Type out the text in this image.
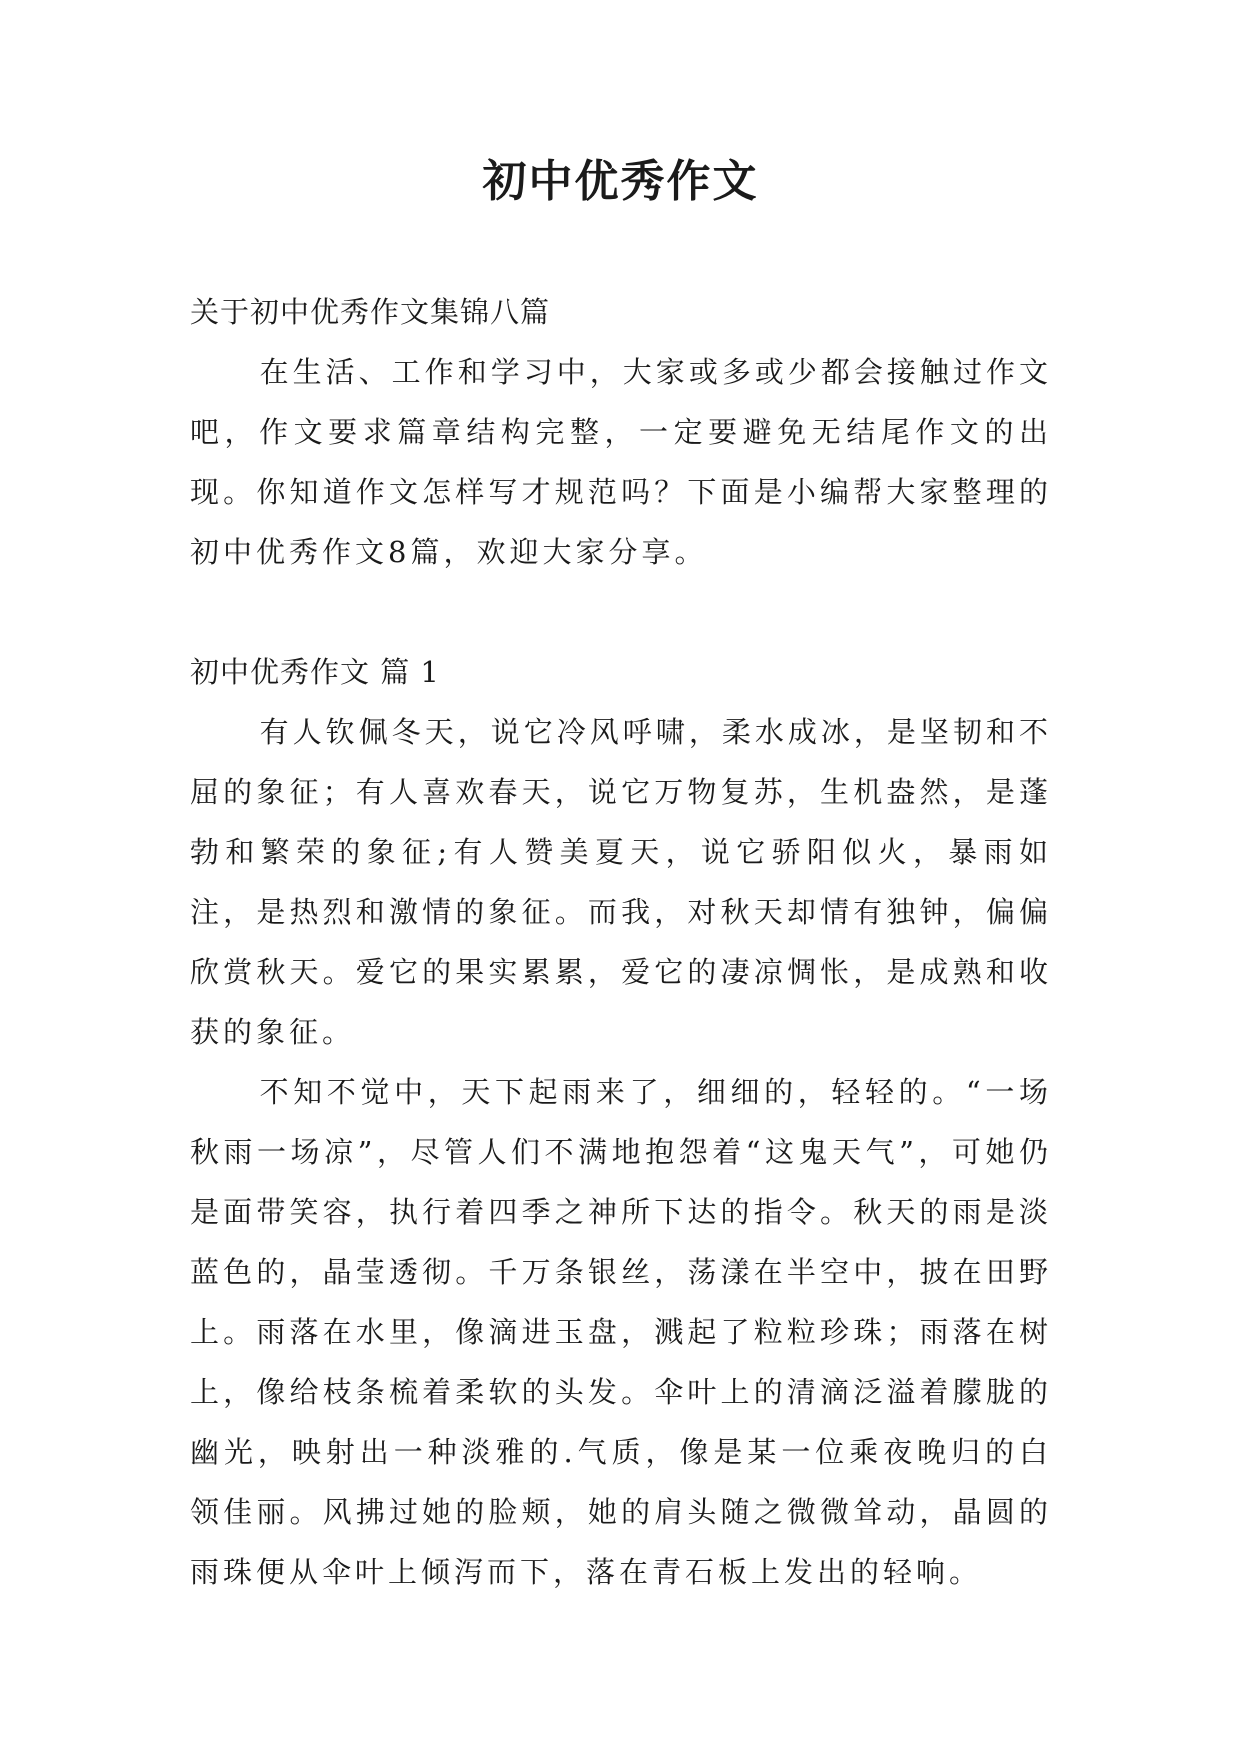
初中优秀作文

关于初中优秀作文集锦八篇

在生活、工作和学习中，大家或多或少都会接触过作文吧，作文要求篇章结构完整，一定要避免无结尾作文的出现。你知道作文怎样写才规范吗？下面是小编帮大家整理的初中优秀作文8篇，欢迎大家分享。

初中优秀作文 篇 1

有人钦佩冬天，说它冷风呼啸，柔水成冰，是坚韧和不屈的象征；有人喜欢春天，说它万物复苏，生机盎然，是蓬勃和繁荣的象征;有人赞美夏天，说它骄阳似火，暴雨如注，是热烈和激情的象征。而我，对秋天却情有独钟，偏偏欣赏秋天。爱它的果实累累，爱它的凄凉惆怅，是成熟和收获的象征。

不知不觉中，天下起雨来了，细细的，轻轻的。“一场秋雨一场凉”，尽管人们不满地抱怨着“这鬼天气”，可她仍是面带笑容，执行着四季之神所下达的指令。秋天的雨是淡蓝色的，晶莹透彻。千万条银丝，荡漾在半空中，披在田野上。雨落在水里，像滴进玉盘，溅起了粒粒珍珠；雨落在树上，像给枝条梳着柔软的头发。伞叶上的清滴泛溢着朦胧的幽光，映射出一种淡雅的.气质，像是某一位乘夜晚归的白领佳丽。风拂过她的脸颊，她的肩头随之微微耸动，晶圆的雨珠便从伞叶上倾泻而下，落在青石板上发出的轻响。
